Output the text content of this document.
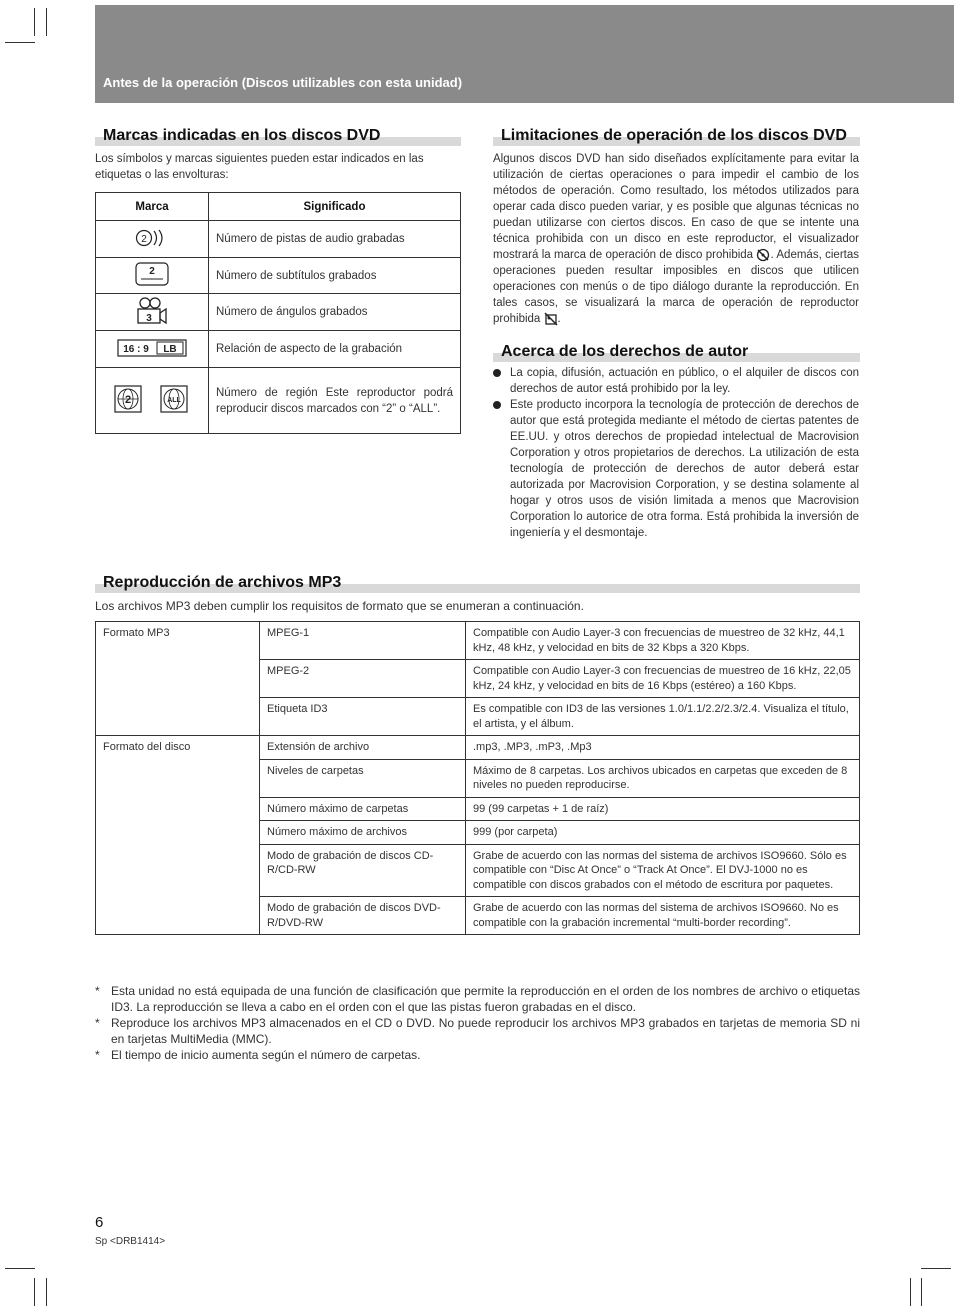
Antes de la operación (Discos utilizables con esta unidad)
Marcas indicadas en los discos DVD
Los símbolos y marcas siguientes pueden estar indicados en las etiquetas o las envolturas:
Marca	Significado

2	Número de pistas de audio grabadas

2	Número de subtítulos grabados

3	Número de ángulos grabados

16 : 9 LB	Relación de aspecto de la grabación

2 ALL	Número de región Este reproductor podrá reproducir discos marcados con “2” o “ALL”.
Limitaciones de operación de los discos DVD
Algunos discos DVD han sido diseñados explícitamente para evitar la utilización de ciertas operaciones o para impedir el cambio de los métodos de operación. Como resultado, los métodos utilizados para operar cada disco pueden variar, y es posible que algunas técnicas no puedan utilizarse con ciertos discos. En caso de que se intente una técnica prohibida con un disco en este reproductor, el visualizador mostrará la marca de operación de disco prohibida . Además, ciertas operaciones pueden resultar imposibles en discos que utilicen operaciones con menús o de tipo diálogo durante la reproducción. En tales casos, se visualizará la marca de operación de reproductor prohibida .
Acerca de los derechos de autor
La copia, difusión, actuación en público, o el alquiler de discos con derechos de autor está prohibido por la ley.
Este producto incorpora la tecnología de protección de derechos de autor que está protegida mediante el método de ciertas patentes de EE.UU. y otros derechos de propiedad intelectual de Macrovision Corporation y otros propietarios de derechos. La utilización de esta tecnología de protección de derechos de autor deberá estar autorizada por Macrovision Corporation, y se destina solamente al hogar y otros usos de visión limitada a menos que Macrovision Corporation lo autorice de otra forma. Está prohibida la inversión de ingeniería y el desmontaje.
Reproducción de archivos MP3
Los archivos MP3 deben cumplir los requisitos de formato que se enumeran a continuación.
Formato MP3	MPEG-1	Compatible con Audio Layer-3 con frecuencias de muestreo de 32 kHz, 44,1 kHz, 48 kHz, y velocidad en bits de 32 Kbps a 320 Kbps.
	MPEG-2	Compatible con Audio Layer-3 con frecuencias de muestreo de 16 kHz, 22,05 kHz, 24 kHz, y velocidad en bits de 16 Kbps (estéreo) a 160 Kbps.
	Etiqueta ID3	Es compatible con ID3 de las versiones 1.0/1.1/2.2/2.3/2.4. Visualiza el título, el artista, y el álbum.
Formato del disco	Extensión de archivo	.mp3, .MP3, .mP3, .Mp3
	Niveles de carpetas	Máximo de 8 carpetas. Los archivos ubicados en carpetas que exceden de 8 niveles no pueden reproducirse.
	Número máximo de carpetas	99 (99 carpetas + 1 de raíz)
	Número máximo de archivos	999 (por carpeta)
	Modo de grabación de discos CD-R/CD-RW	Grabe de acuerdo con las normas del sistema de archivos ISO9660. Sólo es compatible con “Disc At Once” o “Track At Once”. El DVJ-1000 no es compatible con discos grabados con el método de escritura por paquetes.
	Modo de grabación de discos DVD-R/DVD-RW	Grabe de acuerdo con las normas del sistema de archivos ISO9660. No es compatible con la grabación incremental “multi-border recording”.
* Esta unidad no está equipada de una función de clasificación que permite la reproducción en el orden de los nombres de archivo o etiquetas ID3. La reproducción se lleva a cabo en el orden con el que las pistas fueron grabadas en el disco.
* Reproduce los archivos MP3 almacenados en el CD o DVD. No puede reproducir los archivos MP3 grabados en tarjetas de memoria SD ni en tarjetas MultiMedia (MMC).
* El tiempo de inicio aumenta según el número de carpetas.
6
Sp <DRB1414>
